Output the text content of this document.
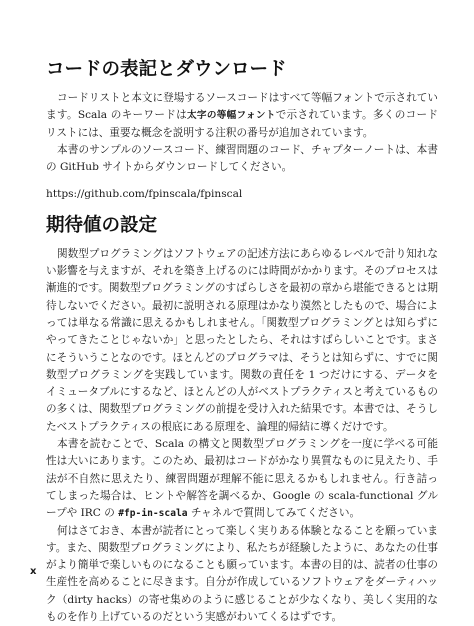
コードの表記とダウンロード

コードリストと本文に登場するソースコードはすべて等幅フォントで示されています。Scala のキーワードは太字の等幅フォントで示されています。多くのコードリストには、重要な概念を説明する注釈の番号が追加されています。

本書のサンプルのソースコード、練習問題のコード、チャプターノートは、本書の GitHub サイトからダウンロードしてください。

https://github.com/fpinscala/fpinscal

期待値の設定

関数型プログラミングはソフトウェアの記述方法にあらゆるレベルで計り知れない影響を与えますが、それを築き上げるのには時間がかかります。そのプロセスは漸進的です。関数型プログラミングのすばらしさを最初の章から堪能できるとは期待しないでください。最初に説明される原理はかなり漠然としたもので、場合によっては単なる常識に思えるかもしれません。「関数型プログラミングとは知らずにやってきたことじゃないか」と思ったとしたら、それはすばらしいことです。まさにそういうことなのです。ほとんどのプログラマは、そうとは知らずに、すでに関数型プログラミングを実践しています。関数の責任を 1 つだけにする、データをイミュータブルにするなど、ほとんどの人がベストプラクティスと考えているものの多くは、関数型プログラミングの前提を受け入れた結果です。本書では、そうしたベストプラクティスの根底にある原理を、論理的帰結に導くだけです。

本書を読むことで、Scala の構文と関数型プログラミングを一度に学べる可能性は大いにあります。このため、最初はコードがかなり異質なものに見えたり、手法が不自然に思えたり、練習問題が理解不能に思えるかもしれません。行き詰ってしまった場合は、ヒントや解答を調べるか、Google の scala-functional グループや IRC の #fp-in-scala チャネルで質問してみてください。

何はさておき、本書が読者にとって楽しく実りある体験となることを願っています。また、関数型プログラミングにより、私たちが経験したように、あなたの仕事がより簡単で楽しいものになることも願っています。本書の目的は、読者の仕事の生産性を高めることに尽きます。自分が作成しているソフトウェアをダーティハック（dirty hacks）の寄せ集めのように感じることが少なくなり、美しく実用的なものを作り上げているのだという実感がわいてくるはずです。

x
